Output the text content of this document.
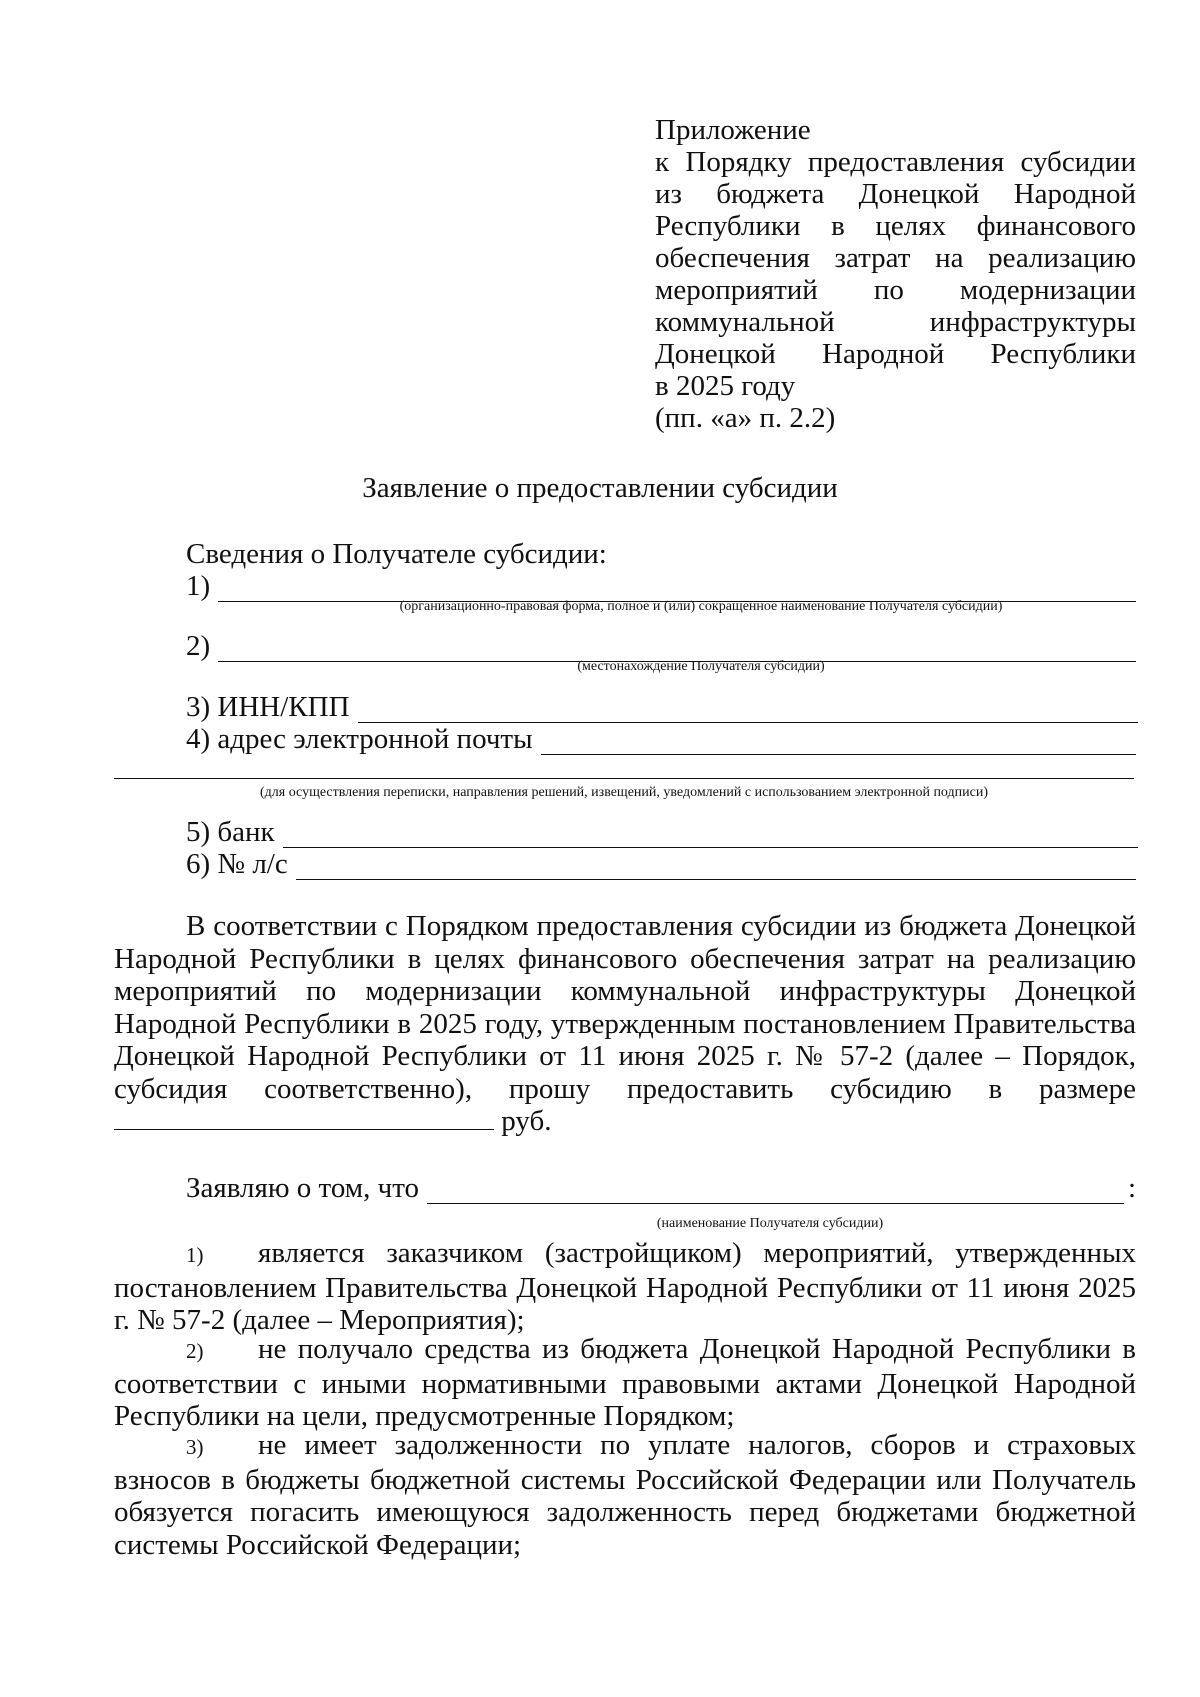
Приложение
к Порядку предоставления субсидии
из бюджета Донецкой Народной
Республики в целях финансового
обеспечения затрат на реализацию
мероприятий по модернизации
коммунальной инфраструктуры
Донецкой Народной Республики
в 2025 году
(пп. «а» п. 2.2)
Заявление о предоставлении субсидии
Сведения о Получателе субсидии:
1)
(организационно-правовая форма, полное и (или) сокращенное наименование Получателя субсидии)
2)
(местонахождение Получателя субсидии)
3) ИНН/КПП
4) адрес электронной почты
(для осуществления переписки, направления решений, извещений, уведомлений с использованием электронной подписи)
5) банк
6) № л/с
В соответствии с Порядком предоставления субсидии из бюджета Донецкой Народной Республики в целях финансового обеспечения затрат на реализацию мероприятий по модернизации коммунальной инфраструктуры Донецкой Народной Республики в 2025 году, утвержденным постановлением Правительства Донецкой Народной Республики от 11 июня 2025 г. № 57-2 (далее – Порядок, субсидия соответственно), прошу предоставить субсидию в размере  руб.
Заявляю о том, что	:
(наименование Получателя субсидии)
1) является заказчиком (застройщиком) мероприятий, утвержденных постановлением Правительства Донецкой Народной Республики от 11 июня 2025 г. № 57-2 (далее – Мероприятия);
2) не получало средства из бюджета Донецкой Народной Республики в соответствии с иными нормативными правовыми актами Донецкой Народной Республики на цели, предусмотренные Порядком;
3) не имеет задолженности по уплате налогов, сборов и страховых взносов в бюджеты бюджетной системы Российской Федерации или Получатель обязуется погасить имеющуюся задолженность перед бюджетами бюджетной системы Российской Федерации;
